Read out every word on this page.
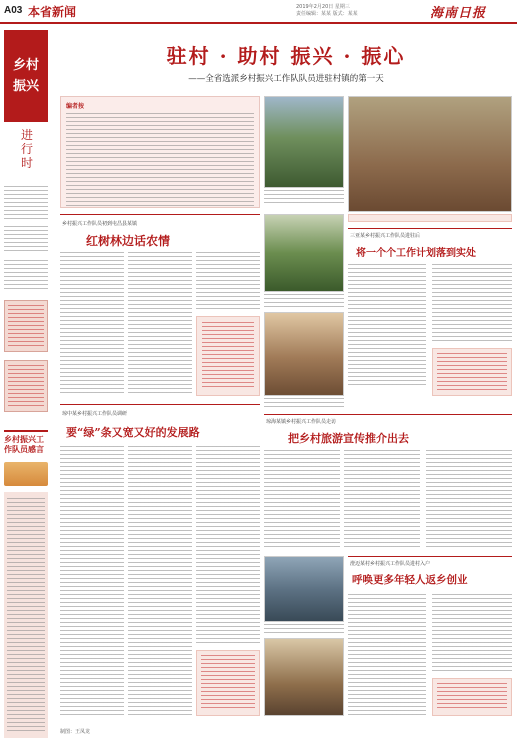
A03 本省新闻	2019年2月20日 星期三
责任编辑：某某 版式：某某	海南日报
乡村
振兴
进行时
乡村振兴工作队员感言
驻村 · 助村 振兴 · 振心
——全省选派乡村振兴工作队队员进驻村镇的第一天
编者按
乡村振兴工作队员初到屯昌县某镇
红树林边话农情	三亚某乡村振兴工作队员进驻后
将一个个工作计划落到实处
琼海某镇乡村振兴工作队员走访
把乡村旅游宣传推介出去
琼中某乡村振兴工作队员调研
要“绿”条又宽又好的发展路
澄迈某村乡村振兴工作队员进村入户
呼唤更多年轻人返乡创业
制图：王凤龙
